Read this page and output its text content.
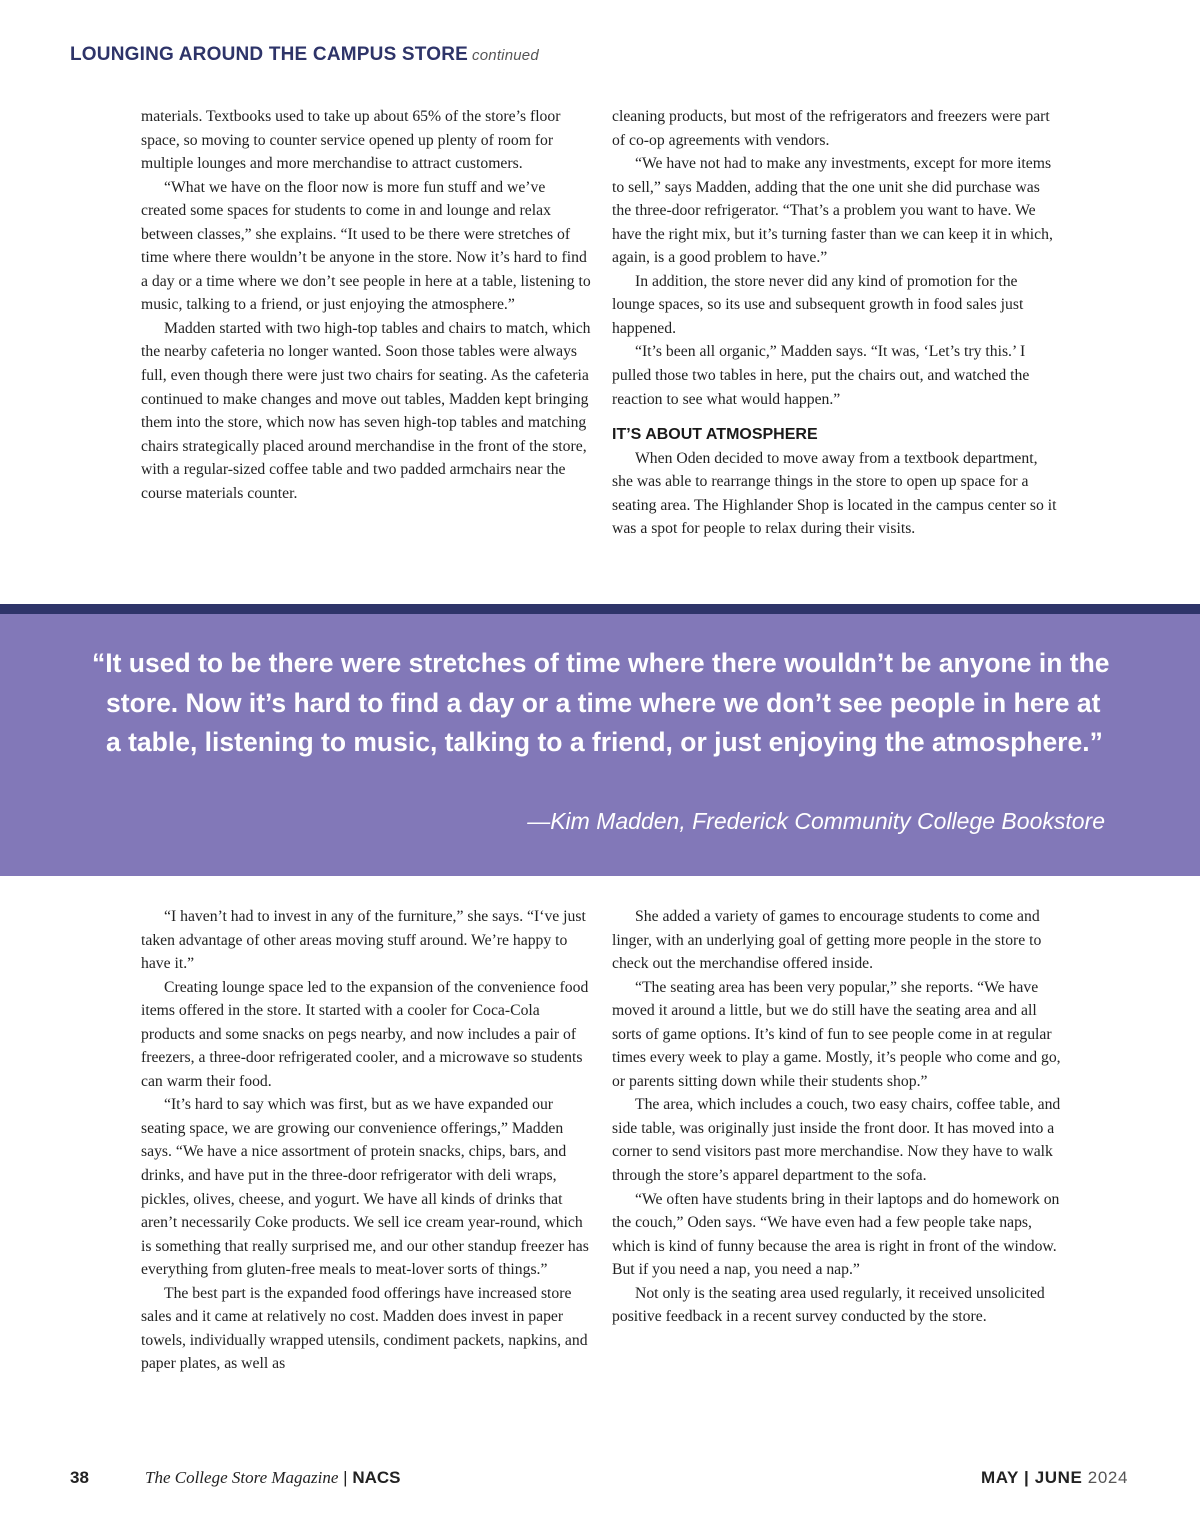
LOUNGING AROUND THE CAMPUS STORE continued

materials. Textbooks used to take up about 65% of the store’s floor space, so moving to counter service opened up plenty of room for multiple lounges and more merchandise to attract customers.

“What we have on the floor now is more fun stuff and we’ve created some spaces for students to come in and lounge and relax between classes,” she explains. “It used to be there were stretches of time where there wouldn’t be anyone in the store. Now it’s hard to find a day or a time where we don’t see people in here at a table, listening to music, talking to a friend, or just enjoying the atmosphere.”

Madden started with two high-top tables and chairs to match, which the nearby cafeteria no longer wanted. Soon those tables were always full, even though there were just two chairs for seating. As the cafeteria continued to make changes and move out tables, Madden kept bringing them into the store, which now has seven high-top tables and matching chairs strategically placed around merchandise in the front of the store, with a regular-sized coffee table and two padded armchairs near the course materials counter.

cleaning products, but most of the refrigerators and freezers were part of co-op agreements with vendors.

“We have not had to make any investments, except for more items to sell,” says Madden, adding that the one unit she did purchase was the three-door refrigerator. “That’s a problem you want to have. We have the right mix, but it’s turning faster than we can keep it in which, again, is a good problem to have.”

In addition, the store never did any kind of promotion for the lounge spaces, so its use and subsequent growth in food sales just happened.

“It’s been all organic,” Madden says. “It was, ‘Let’s try this.’ I pulled those two tables in here, put the chairs out, and watched the reaction to see what would happen.”

IT’S ABOUT ATMOSPHERE

When Oden decided to move away from a textbook department, she was able to rearrange things in the store to open up space for a seating area. The Highlander Shop is located in the campus center so it was a spot for people to relax during their visits.

“It used to be there were stretches of time where there wouldn’t be anyone in the store. Now it’s hard to find a day or a time where we don’t see people in here at a table, listening to music, talking to a friend, or just enjoying the atmosphere.”
—Kim Madden, Frederick Community College Bookstore

“I haven’t had to invest in any of the furniture,” she says. “I‘ve just taken advantage of other areas moving stuff around. We’re happy to have it.”

Creating lounge space led to the expansion of the convenience food items offered in the store. It started with a cooler for Coca-Cola products and some snacks on pegs nearby, and now includes a pair of freezers, a three-door refrigerated cooler, and a microwave so students can warm their food.

“It’s hard to say which was first, but as we have expanded our seating space, we are growing our convenience offerings,” Madden says. “We have a nice assortment of protein snacks, chips, bars, and drinks, and have put in the three-door refrigerator with deli wraps, pickles, olives, cheese, and yogurt. We have all kinds of drinks that aren’t necessarily Coke products. We sell ice cream year-round, which is something that really surprised me, and our other standup freezer has everything from gluten-free meals to meat-lover sorts of things.”

The best part is the expanded food offerings have increased store sales and it came at relatively no cost. Madden does invest in paper towels, individually wrapped utensils, condiment packets, napkins, and paper plates, as well as

She added a variety of games to encourage students to come and linger, with an underlying goal of getting more people in the store to check out the merchandise offered inside.

“The seating area has been very popular,” she reports. “We have moved it around a little, but we do still have the seating area and all sorts of game options. It’s kind of fun to see people come in at regular times every week to play a game. Mostly, it’s people who come and go, or parents sitting down while their students shop.”

The area, which includes a couch, two easy chairs, coffee table, and side table, was originally just inside the front door. It has moved into a corner to send visitors past more merchandise. Now they have to walk through the store’s apparel department to the sofa.

“We often have students bring in their laptops and do homework on the couch,” Oden says. “We have even had a few people take naps, which is kind of funny because the area is right in front of the window. But if you need a nap, you need a nap.”

Not only is the seating area used regularly, it received unsolicited positive feedback in a recent survey conducted by the store.

38	The College Store Magazine | NACS	MAY | JUNE 2024
